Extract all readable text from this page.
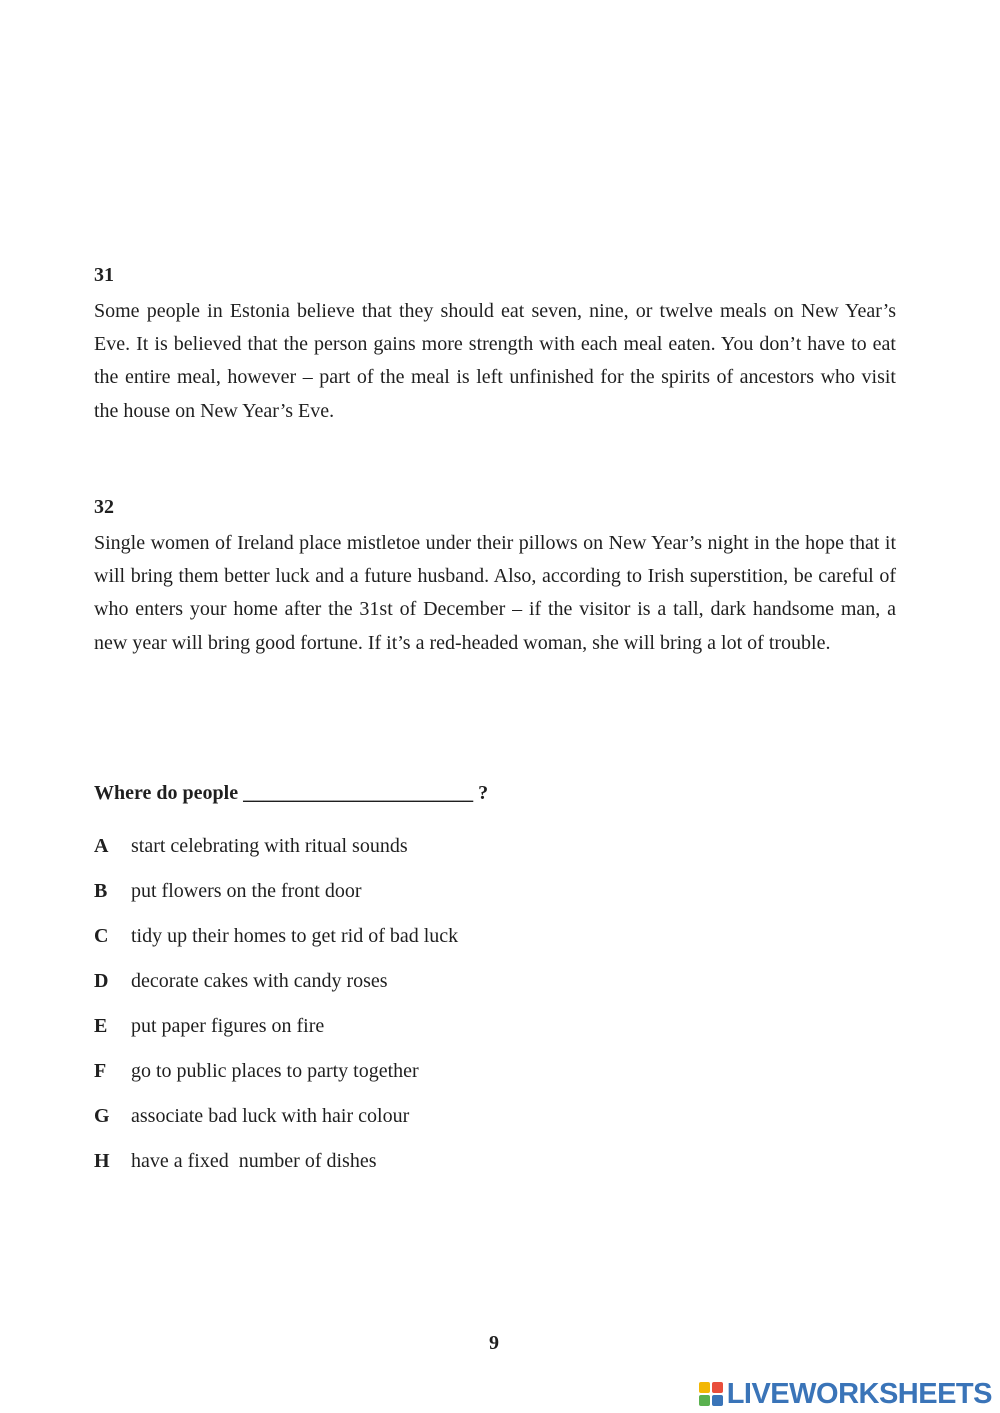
31

Some people in Estonia believe that they should eat seven, nine, or twelve meals on New Year’s Eve. It is believed that the person gains more strength with each meal eaten. You don’t have to eat the entire meal, however – part of the meal is left unfinished for the spirits of ancestors who visit the house on New Year’s Eve.

32

Single women of Ireland place mistletoe under their pillows on New Year’s night in the hope that it will bring them better luck and a future husband. Also, according to Irish superstition, be careful of who enters your home after the 31st of December – if the visitor is a tall, dark handsome man, a new year will bring good fortune. If it’s a red-headed woman, she will bring a lot of trouble.

Where do people _______________________ ?
A	start celebrating with ritual sounds
B	put flowers on the front door
C	tidy up their homes to get rid of bad luck
D	decorate cakes with candy roses
E	put paper figures on fire
F	go to public places to party together
G	associate bad luck with hair colour
H	have a fixed  number of dishes
9
LIVEWORKSHEETS
